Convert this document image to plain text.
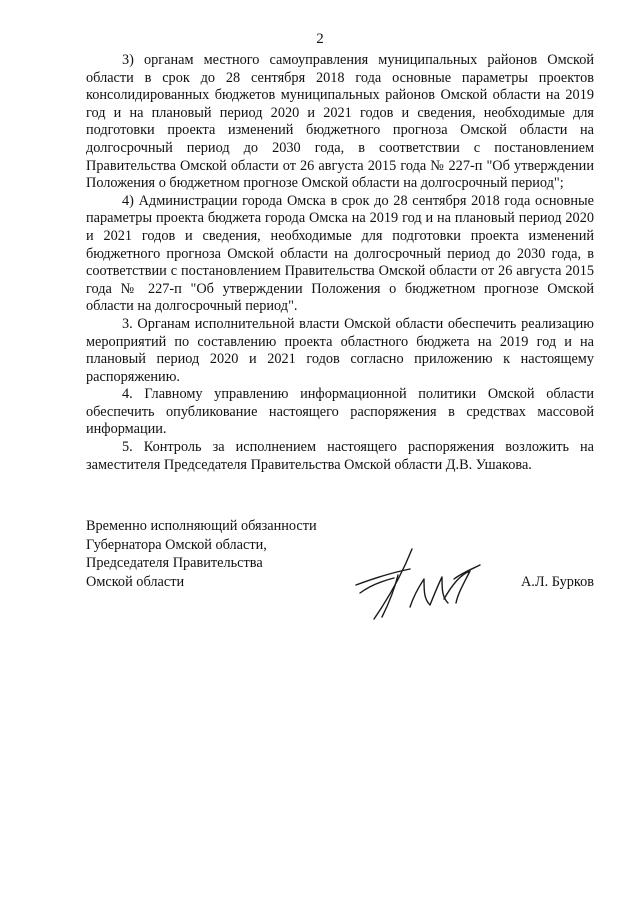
2

3) органам местного самоуправления муниципальных районов Омской области в срок до 28 сентября 2018 года основные параметры проектов консолидированных бюджетов муниципальных районов Омской области на 2019 год и на плановый период 2020 и 2021 годов и сведения, необходимые для подготовки проекта изменений бюджетного прогноза Омской области на долгосрочный период до 2030 года, в соответствии с постановлением Правительства Омской области от 26 августа 2015 года № 227-п "Об утверждении Положения о бюджетном прогнозе Омской области на долгосрочный период";

4) Администрации города Омска в срок до 28 сентября 2018 года основные параметры проекта бюджета города Омска на 2019 год и на плановый период 2020 и 2021 годов и сведения, необходимые для подготовки проекта изменений бюджетного прогноза Омской области на долгосрочный период до 2030 года, в соответствии с постановлением Правительства Омской области от 26 августа 2015 года № 227-п "Об утверждении Положения о бюджетном прогнозе Омской области на долгосрочный период".

3. Органам исполнительной власти Омской области обеспечить реализацию мероприятий по составлению проекта областного бюджета на 2019 год и на плановый период 2020 и 2021 годов согласно приложению к настоящему распоряжению.

4. Главному управлению информационной политики Омской области обеспечить опубликование настоящего распоряжения в средствах массовой информации.

5. Контроль за исполнением настоящего распоряжения возложить на заместителя Председателя Правительства Омской области Д.В. Ушакова.

Временно исполняющий обязанности
Губернатора Омской области,
Председателя Правительства
Омской области	А.Л. Бурков
